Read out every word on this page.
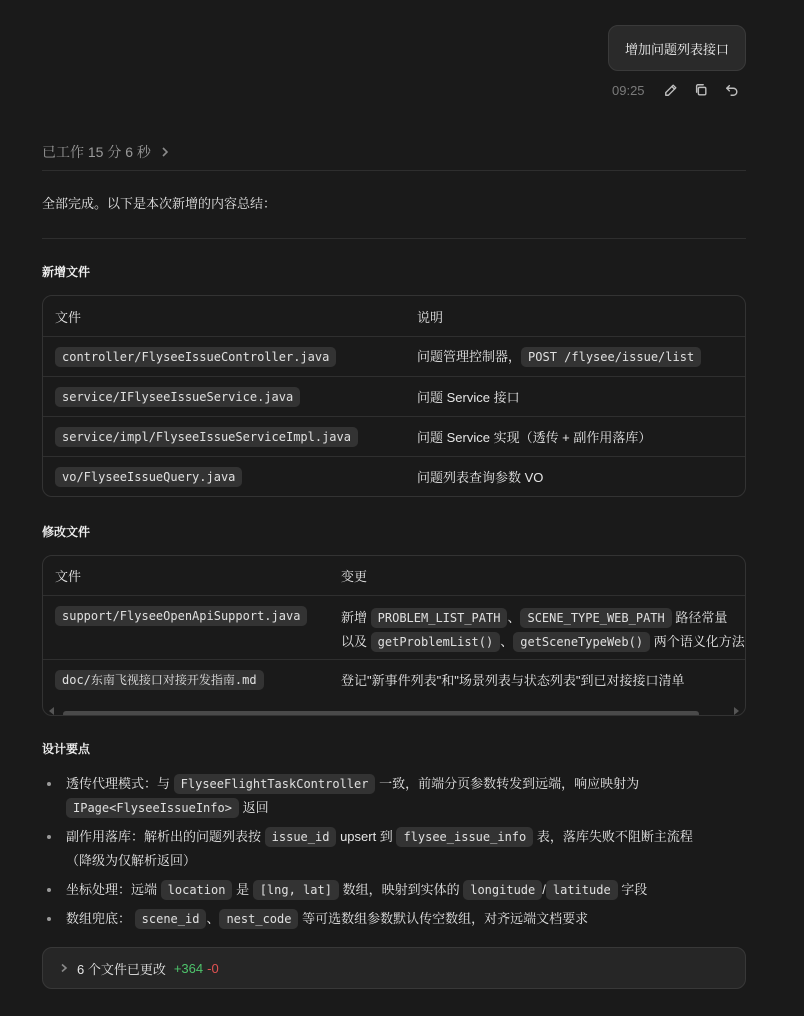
增加问题列表接口
09:25
已工作 15 分 6 秒
全部完成。以下是本次新增的内容总结：
新增文件
文件	说明
controller/FlyseeIssueController.java	问题管理控制器， POST /flysee/issue/list
service/IFlyseeIssueService.java	问题 Service 接口
service/impl/FlyseeIssueServiceImpl.java	问题 Service 实现（透传 + 副作用落库）
vo/FlyseeIssueQuery.java	问题列表查询参数 VO
修改文件
文件	变更
support/FlyseeOpenApiSupport.java	新增 PROBLEM_LIST_PATH 、 SCENE_TYPE_WEB_PATH 路径常量
以及 getProblemList() 、 getSceneTypeWeb() 两个语义化方法
doc/东南飞视接口对接开发指南.md	登记"新事件列表"和"场景列表与状态列表"到已对接接口清单
设计要点
透传代理模式：与 FlyseeFlightTaskController 一致，前端分页参数转发到远端，响应映射为
IPage<FlyseeIssueInfo> 返回
副作用落库：解析出的问题列表按 issue_id upsert 到 flysee_issue_info 表，落库失败不阻断主流程
（降级为仅解析返回）
坐标处理：远端 location 是 [lng, lat] 数组，映射到实体的 longitude / latitude 字段
数组兜底： scene_id 、 nest_code 等可选数组参数默认传空数组，对齐远端文档要求
6 个文件已更改 +364 -0
